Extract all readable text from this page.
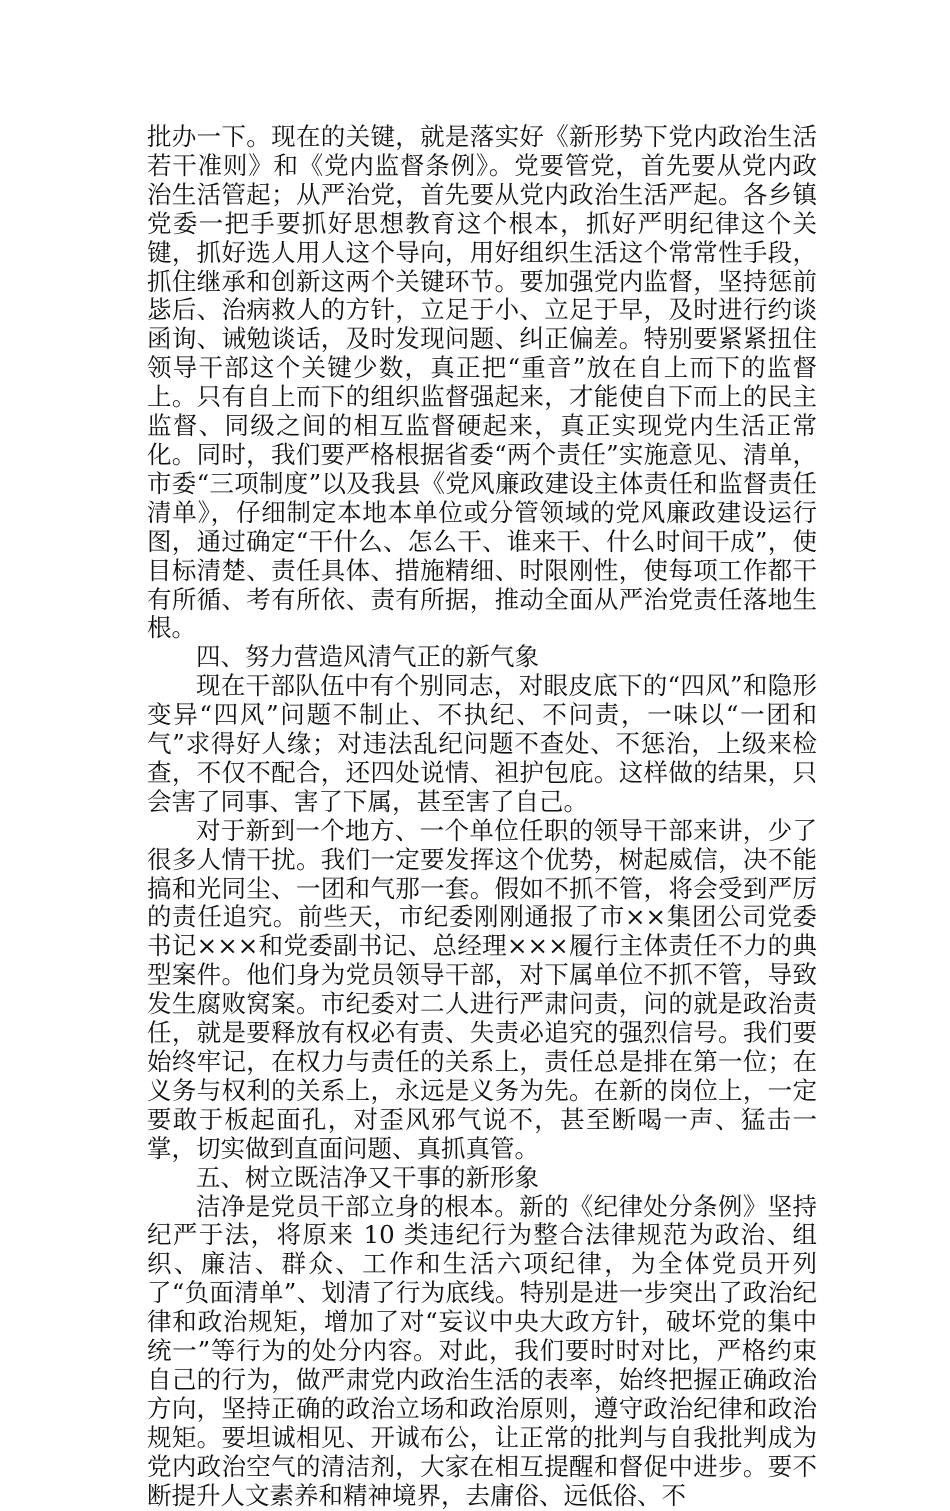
批办一下。现在的关键，就是落实好《新形势下党内政治生活若干准则》和《党内监督条例》。党要管党，首先要从党内政治生活管起；从严治党，首先要从党内政治生活严起。各乡镇党委一把手要抓好思想教育这个根本，抓好严明纪律这个关键，抓好选人用人这个导向，用好组织生活这个常常性手段，抓住继承和创新这两个关键环节。要加强党内监督，坚持惩前毖后、治病救人的方针，立足于小、立足于早，及时进行约谈函询、诫勉谈话，及时发现问题、纠正偏差。特别要紧紧扭住领导干部这个关键少数，真正把“重音”放在自上而下的监督上。只有自上而下的组织监督强起来，才能使自下而上的民主监督、同级之间的相互监督硬起来，真正实现党内生活正常化。同时，我们要严格根据省委“两个责任”实施意见、清单，市委“三项制度”以及我县《党风廉政建设主体责任和监督责任清单》，仔细制定本地本单位或分管领域的党风廉政建设运行图，通过确定“干什么、怎么干、谁来干、什么时间干成”，使目标清楚、责任具体、措施精细、时限刚性，使每项工作都干有所循、考有所依、责有所据，推动全面从严治党责任落地生根。

四、努力营造风清气正的新气象

现在干部队伍中有个别同志，对眼皮底下的“四风”和隐形变异“四风”问题不制止、不执纪、不问责，一味以“一团和气”求得好人缘；对违法乱纪问题不查处、不惩治，上级来检查，不仅不配合，还四处说情、袒护包庇。这样做的结果，只会害了同事、害了下属，甚至害了自己。

对于新到一个地方、一个单位任职的领导干部来讲，少了很多人情干扰。我们一定要发挥这个优势，树起威信，决不能搞和光同尘、一团和气那一套。假如不抓不管，将会受到严厉的责任追究。前些天，市纪委刚刚通报了市××集团公司党委书记×××和党委副书记、总经理×××履行主体责任不力的典型案件。他们身为党员领导干部，对下属单位不抓不管，导致发生腐败窝案。市纪委对二人进行严肃问责，问的就是政治责任，就是要释放有权必有责、失责必追究的强烈信号。我们要始终牢记，在权力与责任的关系上，责任总是排在第一位；在义务与权利的关系上，永远是义务为先。在新的岗位上，一定要敢于板起面孔，对歪风邪气说不，甚至断喝一声、猛击一掌，切实做到直面问题、真抓真管。

五、树立既洁净又干事的新形象

洁净是党员干部立身的根本。新的《纪律处分条例》坚持纪严于法，将原来 10 类违纪行为整合法律规范为政治、组织、廉洁、群众、工作和生活六项纪律，为全体党员开列了“负面清单”、划清了行为底线。特别是进一步突出了政治纪律和政治规矩，增加了对“妄议中央大政方针，破坏党的集中统一”等行为的处分内容。对此，我们要时时对比，严格约束自己的行为，做严肃党内政治生活的表率，始终把握正确政治方向，坚持正确的政治立场和政治原则，遵守政治纪律和政治规矩。要坦诚相见、开诚布公，让正常的批判与自我批判成为党内政治空气的清洁剂，大家在相互提醒和督促中进步。要不断提升人文素养和精神境界，去庸俗、远低俗、不
